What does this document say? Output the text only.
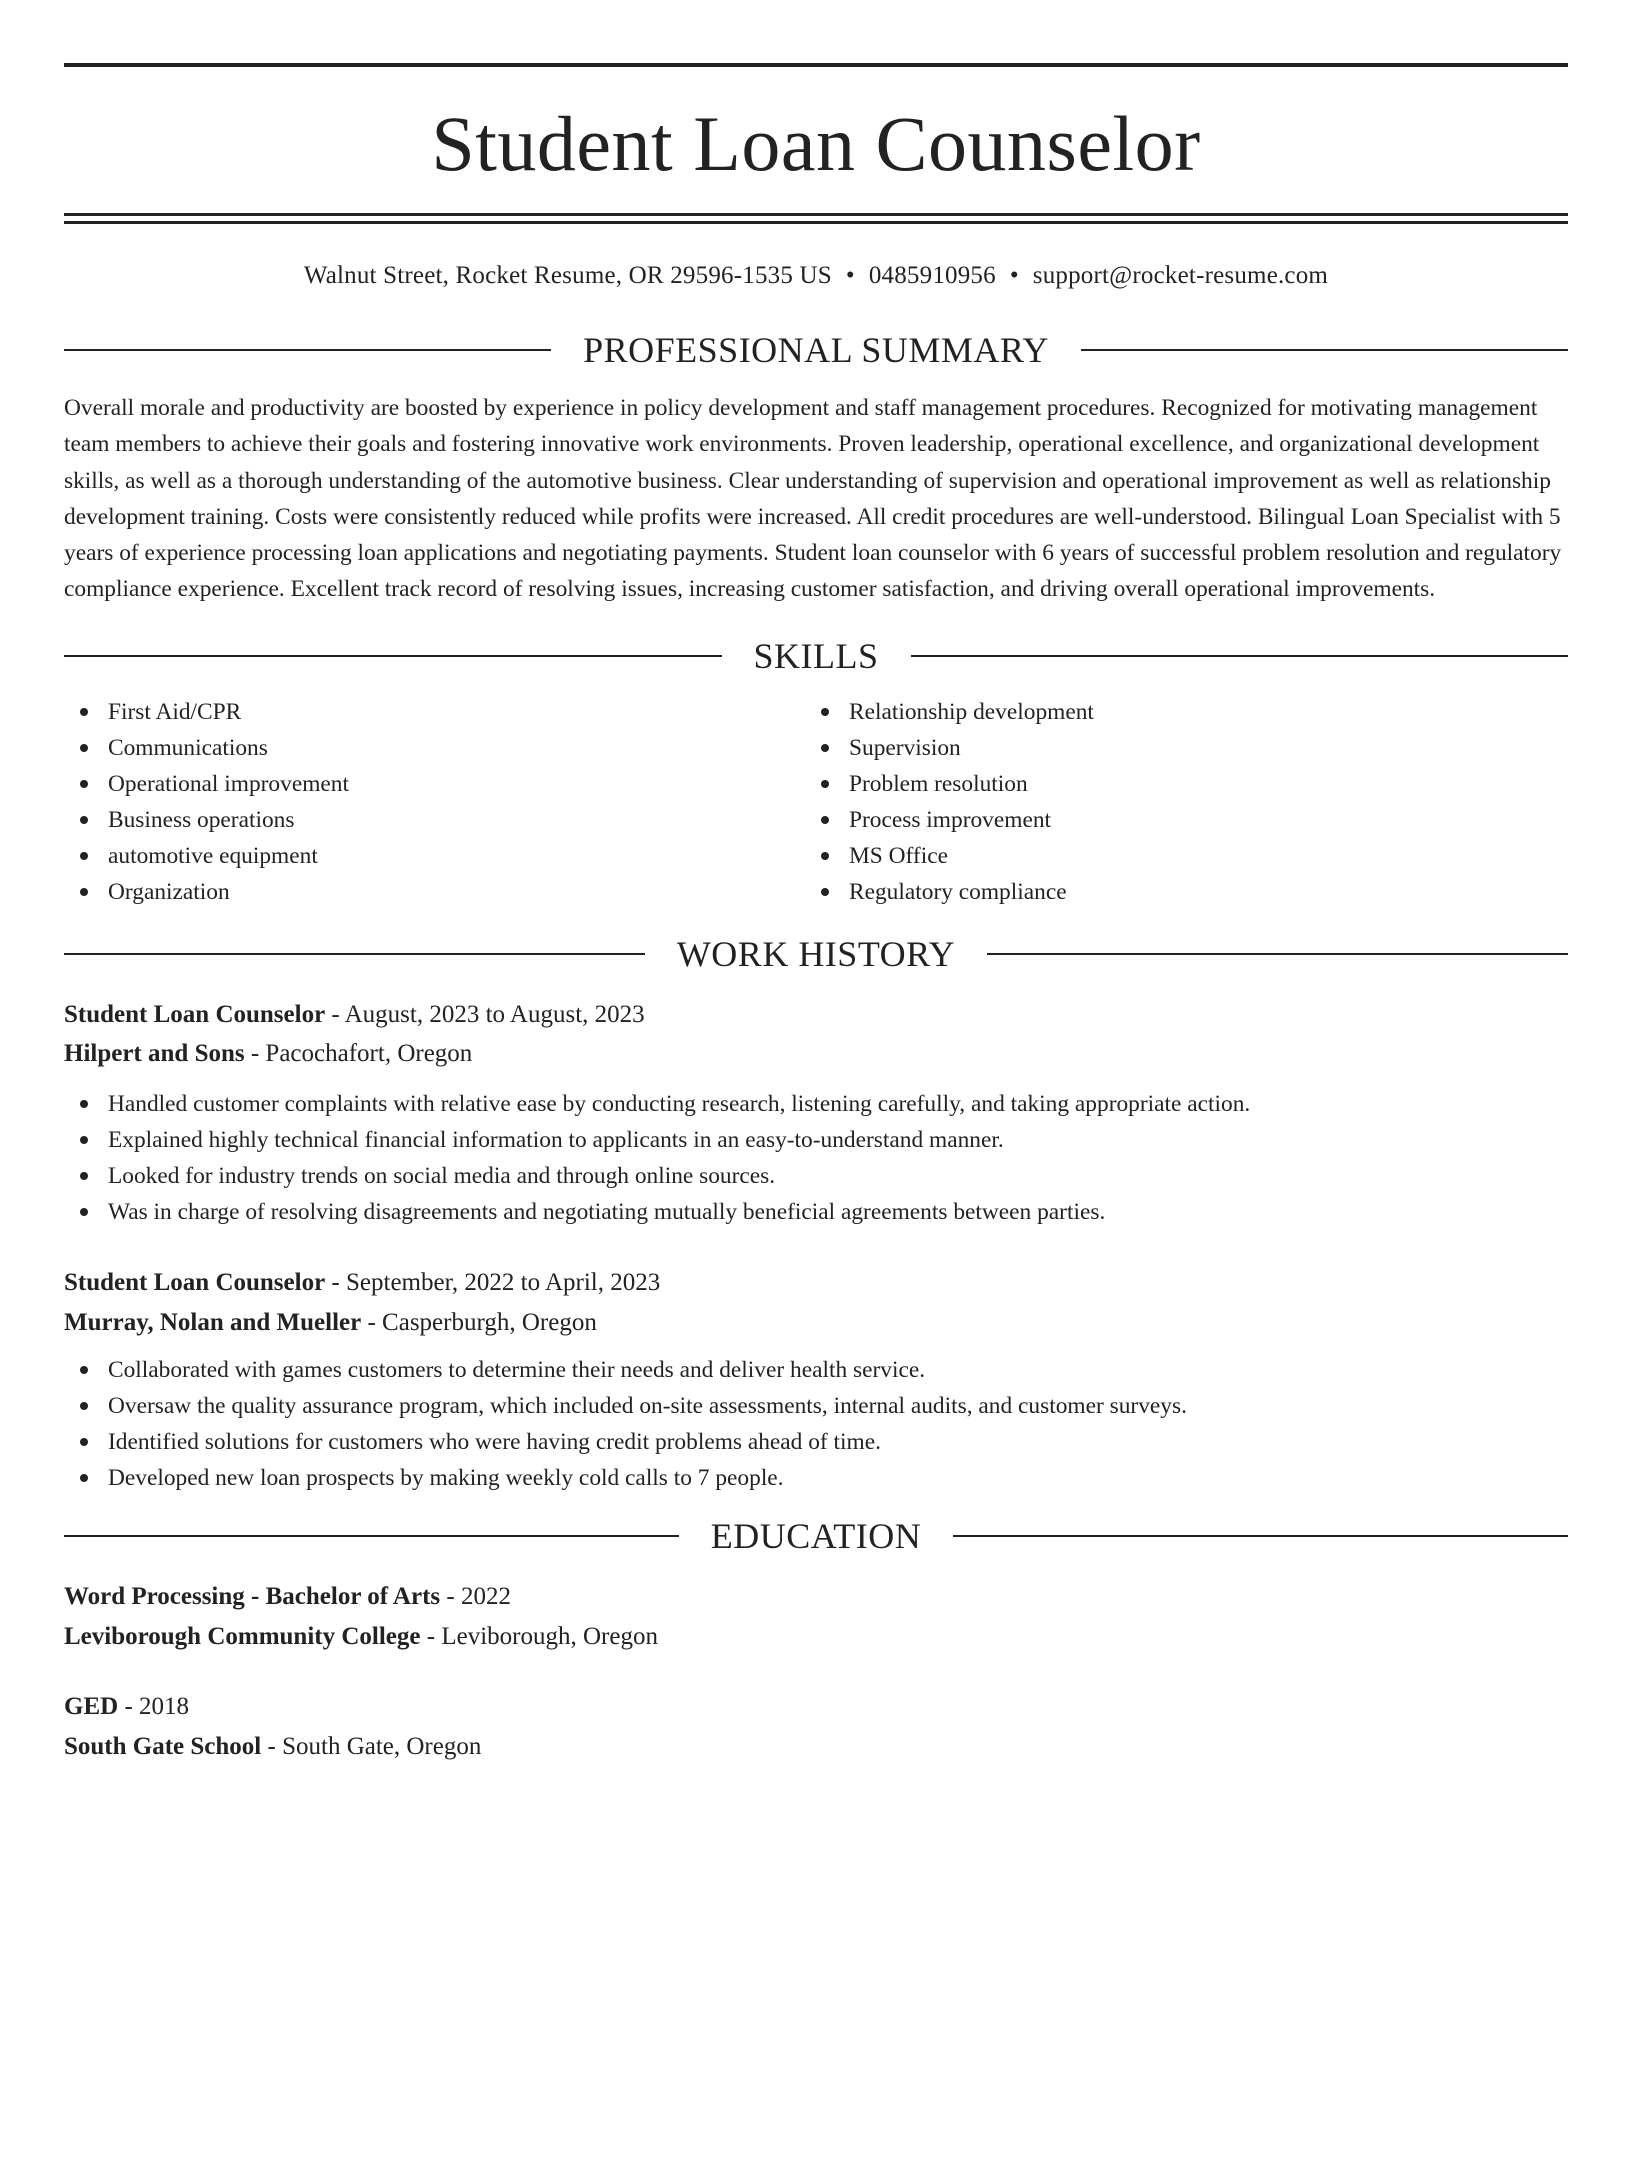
Student Loan Counselor
Walnut Street, Rocket Resume, OR 29596-1535 US • 0485910956 • support@rocket-resume.com
PROFESSIONAL SUMMARY

Overall morale and productivity are boosted by experience in policy development and staff management procedures. Recognized for motivating management team members to achieve their goals and fostering innovative work environments. Proven leadership, operational excellence, and organizational development skills, as well as a thorough understanding of the automotive business. Clear understanding of supervision and operational improvement as well as relationship development training. Costs were consistently reduced while profits were increased. All credit procedures are well-understood. Bilingual Loan Specialist with 5 years of experience processing loan applications and negotiating payments. Student loan counselor with 6 years of successful problem resolution and regulatory compliance experience. Excellent track record of resolving issues, increasing customer satisfaction, and driving overall operational improvements.

SKILLS
First Aid/CPR
Communications
Operational improvement
Business operations
automotive equipment
Organization
Relationship development
Supervision
Problem resolution
Process improvement
MS Office
Regulatory compliance
WORK HISTORY
Student Loan Counselor - August, 2023 to August, 2023
Hilpert and Sons - Pacochafort, Oregon
Handled customer complaints with relative ease by conducting research, listening carefully, and taking appropriate action.
Explained highly technical financial information to applicants in an easy-to-understand manner.
Looked for industry trends on social media and through online sources.
Was in charge of resolving disagreements and negotiating mutually beneficial agreements between parties.
Student Loan Counselor - September, 2022 to April, 2023
Murray, Nolan and Mueller - Casperburgh, Oregon
Collaborated with games customers to determine their needs and deliver health service.
Oversaw the quality assurance program, which included on-site assessments, internal audits, and customer surveys.
Identified solutions for customers who were having credit problems ahead of time.
Developed new loan prospects by making weekly cold calls to 7 people.
EDUCATION
Word Processing - Bachelor of Arts - 2022
Leviborough Community College - Leviborough, Oregon
GED - 2018
South Gate School - South Gate, Oregon
